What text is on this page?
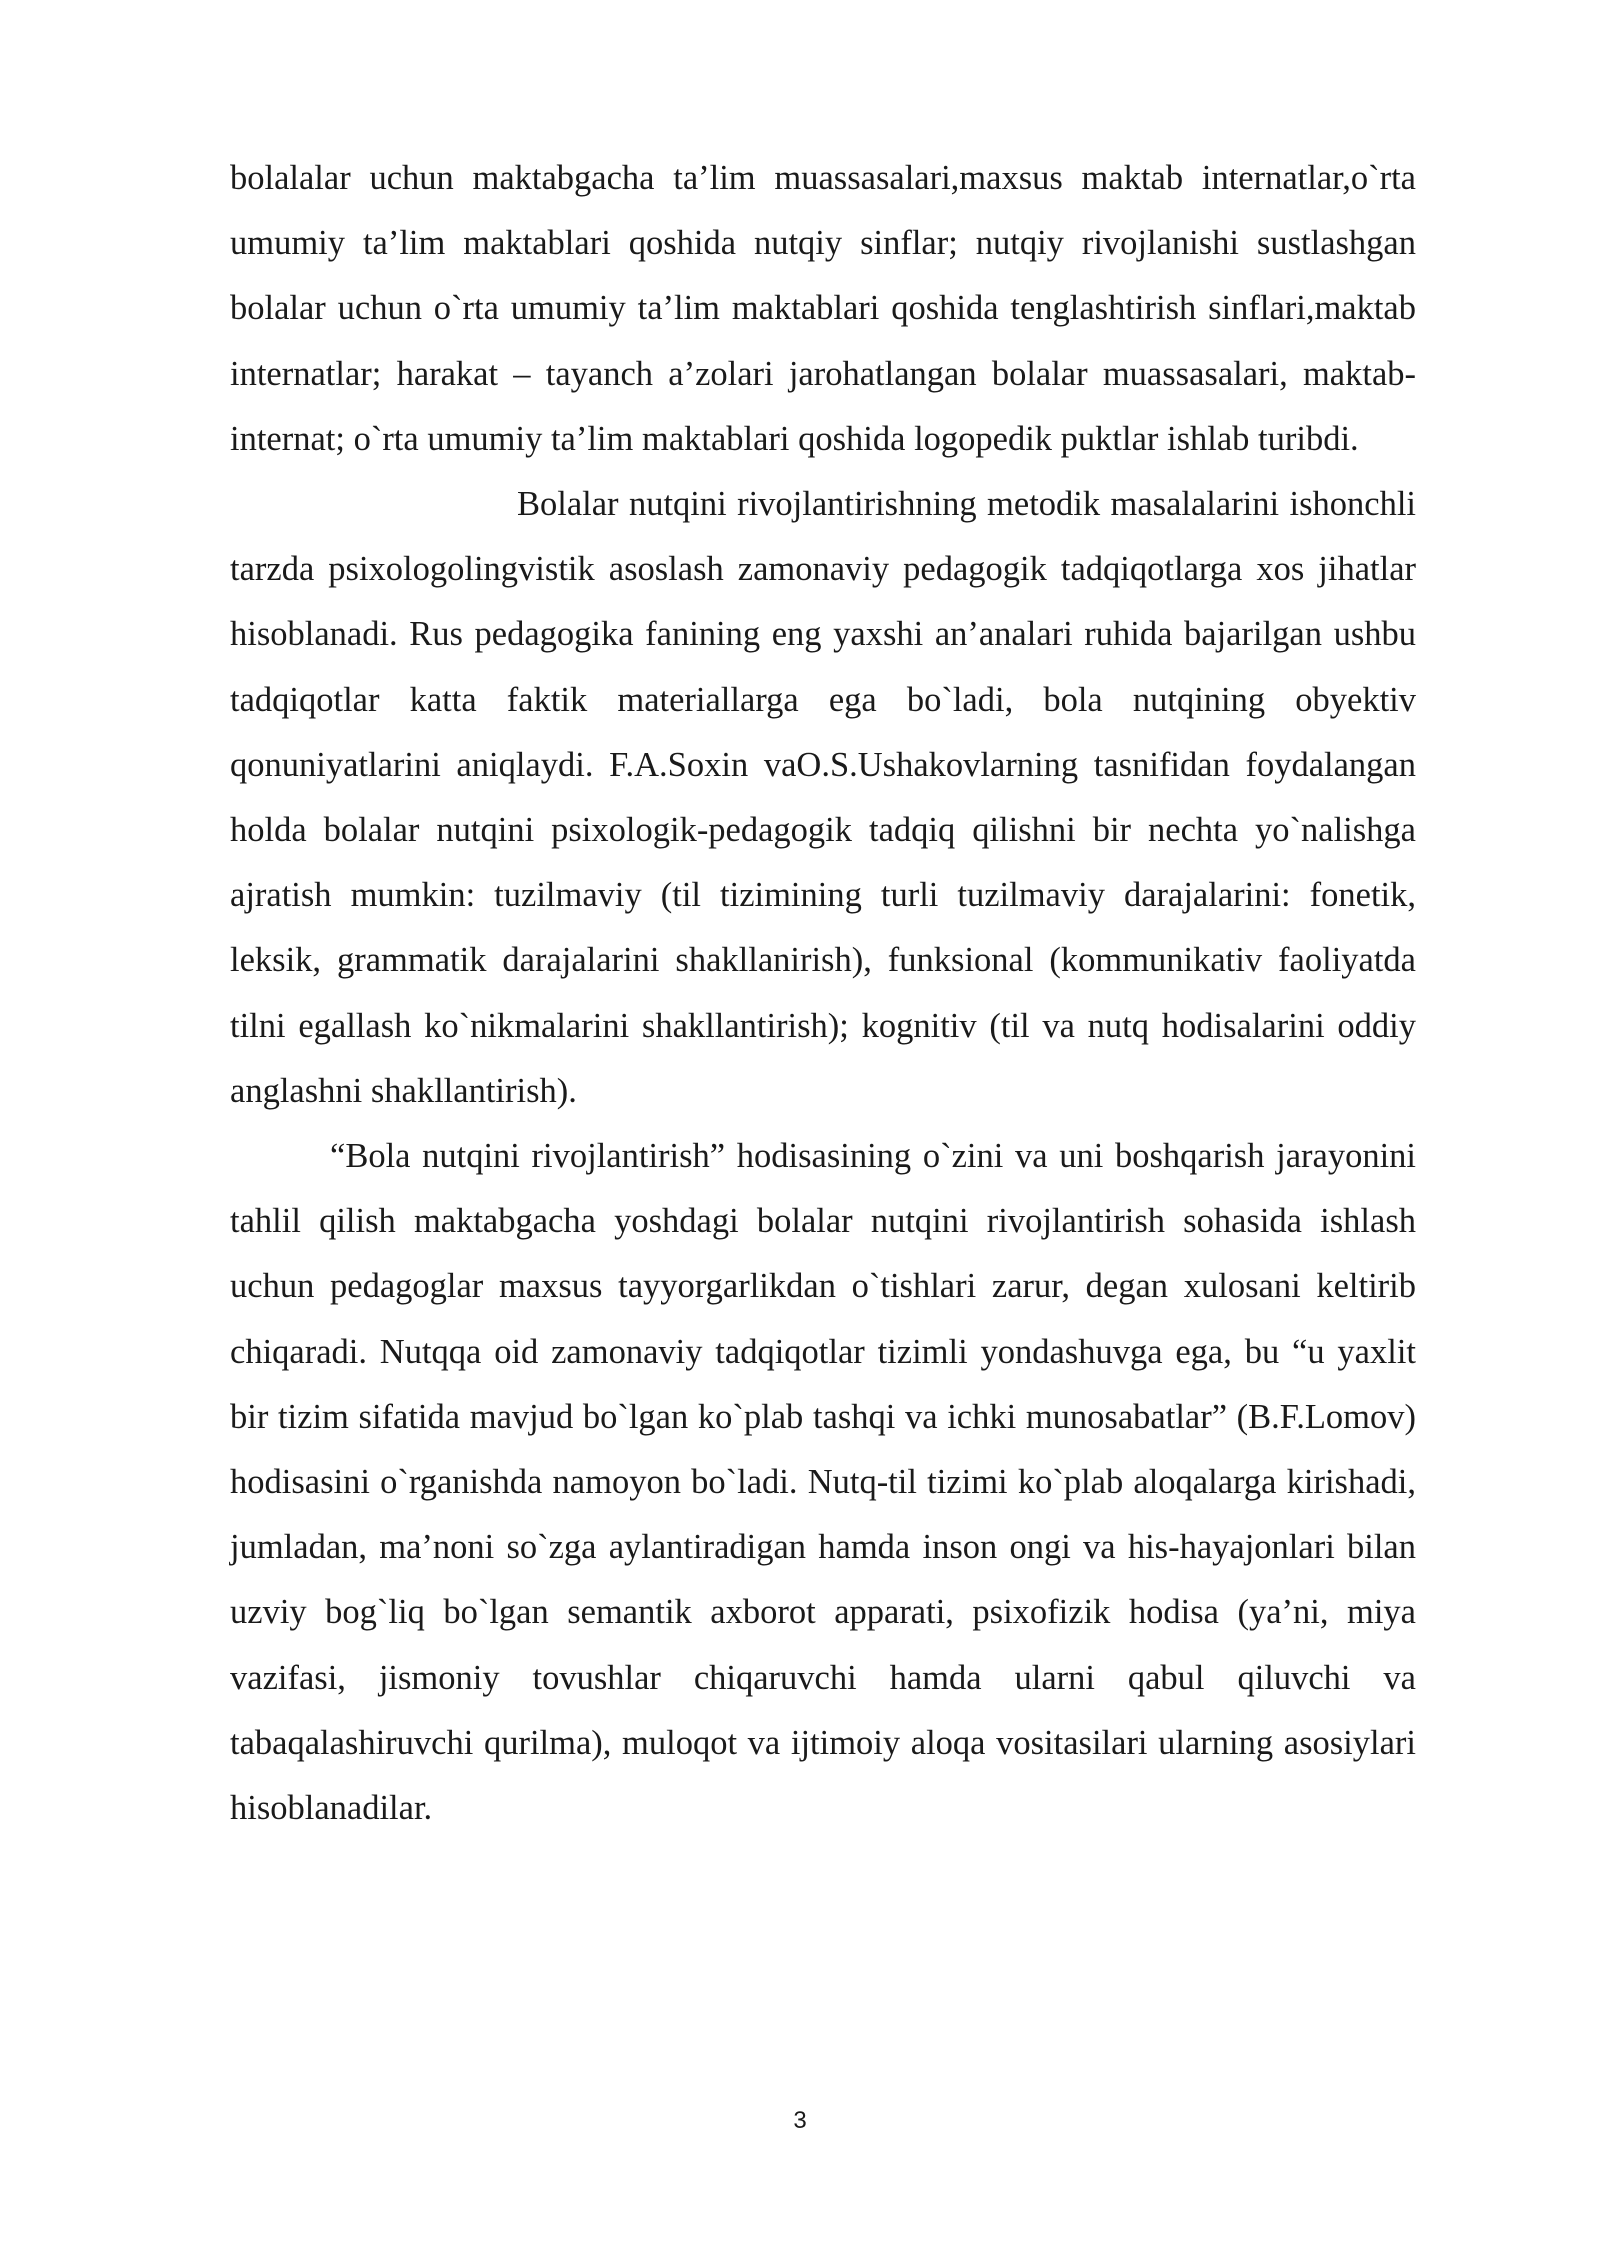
bolalalar uchun maktabgacha ta’lim muassasalari,maxsus maktab internatlar,o`rta umumiy ta’lim maktablari qoshida nutqiy sinflar; nutqiy rivojlanishi sustlashgan bolalar uchun o`rta umumiy ta’lim maktablari qoshida tenglashtirish sinflari,maktab internatlar; harakat – tayanch a’zolari jarohatlangan bolalar muassasalari, maktab-internat; o`rta umumiy ta’lim maktablari qoshida logopedik puktlar ishlab turibdi.

Bolalar nutqini rivojlantirishning metodik masalalarini ishonchli tarzda psixologolingvistik asoslash zamonaviy pedagogik tadqiqotlarga xos jihatlar hisoblanadi. Rus pedagogika fanining eng yaxshi an’analari ruhida bajarilgan ushbu tadqiqotlar katta faktik materiallarga ega bo`ladi, bola nutqining obyektiv qonuniyatlarini aniqlaydi. F.A.Soxin vaO.S.Ushakovlarning tasnifidan foydalangan holda bolalar nutqini psixologik-pedagogik tadqiq qilishni bir nechta yo`nalishga ajratish mumkin: tuzilmaviy (til tizimining turli tuzilmaviy darajalarini: fonetik, leksik, grammatik darajalarini shakllanirish), funksional (kommunikativ faoliyatda tilni egallash ko`nikmalarini shakllantirish); kognitiv (til va nutq hodisalarini oddiy anglashni shakllantirish).

“Bola nutqini rivojlantirish” hodisasining o`zini va uni boshqarish jarayonini tahlil qilish maktabgacha yoshdagi bolalar nutqini rivojlantirish sohasida ishlash uchun pedagoglar maxsus tayyorgarlikdan o`tishlari zarur, degan xulosani keltirib chiqaradi. Nutqqa oid zamonaviy tadqiqotlar tizimli yondashuvga ega, bu “u yaxlit bir tizim sifatida mavjud bo`lgan ko`plab tashqi va ichki munosabatlar” (B.F.Lomov) hodisasini o`rganishda namoyon bo`ladi. Nutq-til tizimi ko`plab aloqalarga kirishadi, jumladan, ma’noni so`zga aylantiradigan hamda inson ongi va his-hayajonlari bilan uzviy bog`liq bo`lgan semantik axborot apparati, psixofizik hodisa (ya’ni, miya vazifasi, jismoniy tovushlar chiqaruvchi hamda ularni qabul qiluvchi va tabaqalashiruvchi qurilma), muloqot va ijtimoiy aloqa vositasilari ularning asosiylari hisoblanadilar.

3
